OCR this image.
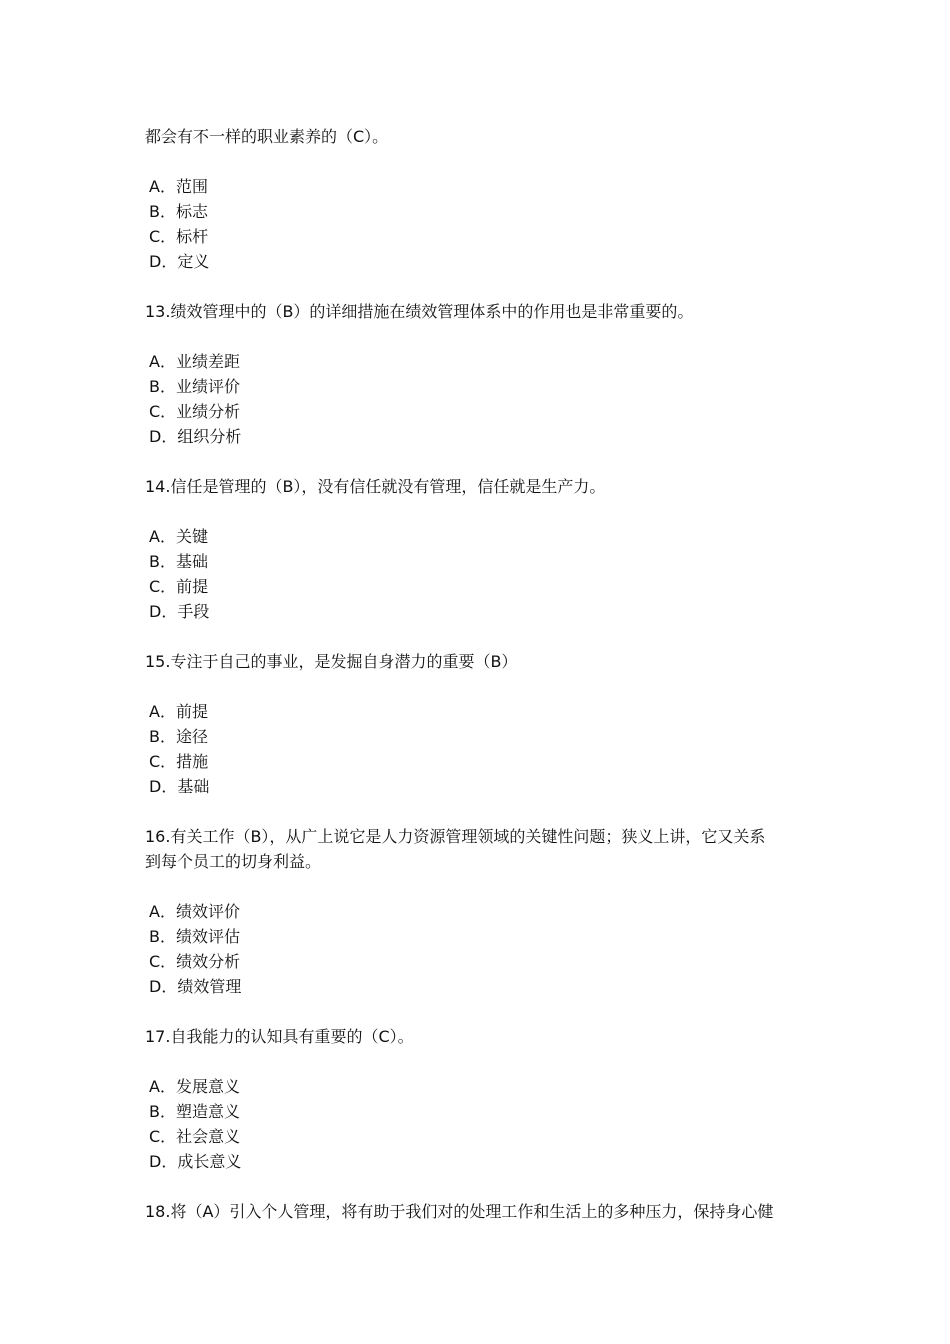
都会有不一样的职业素养的（C）。

A．范围
B．标志
C．标杆
D．定义

13.绩效管理中的（B）的详细措施在绩效管理体系中的作用也是非常重要的。

A．业绩差距
B．业绩评价
C．业绩分析
D．组织分析

14.信任是管理的（B），没有信任就没有管理，信任就是生产力。

A．关键
B．基础
C．前提
D．手段

15.专注于自己的事业，是发掘自身潜力的重要（B）

A．前提
B．途径
C．措施
D．基础

16.有关工作（B），从广上说它是人力资源管理领域的关键性问题；狭义上讲，它又关系
到每个员工的切身利益。

A．绩效评价
B．绩效评估
C．绩效分析
D．绩效管理

17.自我能力的认知具有重要的（C）。

A．发展意义
B．塑造意义
C．社会意义
D．成长意义

18.将（A）引入个人管理，将有助于我们对的处理工作和生活上的多种压力，保持身心健
